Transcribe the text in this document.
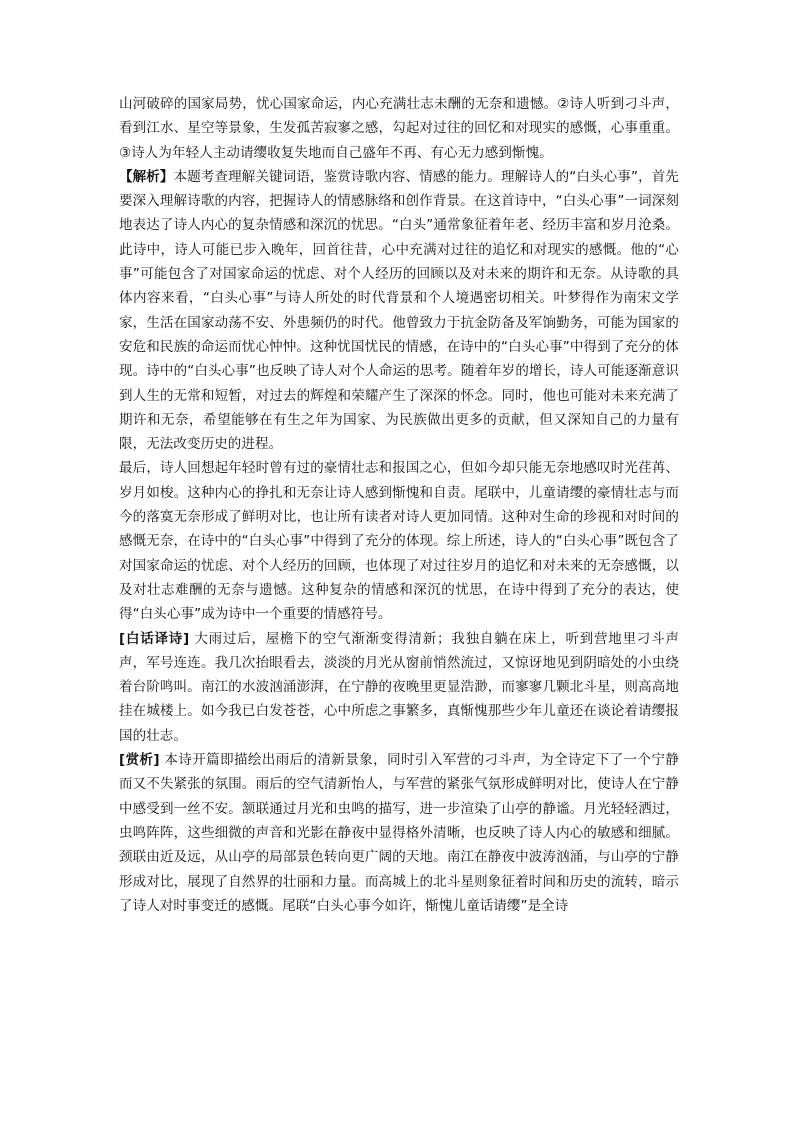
山河破碎的国家局势，忧心国家命运，内心充满壮志未酬的无奈和遗憾。②诗人听到刁斗声，看到江水、星空等景象，生发孤苦寂寥之感，勾起对过往的回忆和对现实的感慨，心事重重。③诗人为年轻人主动请缨收复失地而自己盛年不再、有心无力感到惭愧。

【解析】本题考查理解关键词语，鉴赏诗歌内容、情感的能力。理解诗人的“白头心事”，首先要深入理解诗歌的内容，把握诗人的情感脉络和创作背景。在这首诗中，“白头心事”一词深刻地表达了诗人内心的复杂情感和深沉的忧思。“白头”通常象征着年老、经历丰富和岁月沧桑。此诗中，诗人可能已步入晚年，回首往昔，心中充满对过往的追忆和对现实的感慨。他的“心事”可能包含了对国家命运的忧虑、对个人经历的回顾以及对未来的期许和无奈。从诗歌的具体内容来看，“白头心事”与诗人所处的时代背景和个人境遇密切相关。叶梦得作为南宋文学家，生活在国家动荡不安、外患频仍的时代。他曾致力于抗金防备及军饷勤务，可能为国家的安危和民族的命运而忧心忡忡。这种忧国忧民的情感，在诗中的“白头心事”中得到了充分的体现。诗中的“白头心事”也反映了诗人对个人命运的思考。随着年岁的增长，诗人可能逐渐意识到人生的无常和短暂，对过去的辉煌和荣耀产生了深深的怀念。同时，他也可能对未来充满了期许和无奈，希望能够在有生之年为国家、为民族做出更多的贡献，但又深知自己的力量有限，无法改变历史的进程。

最后，诗人回想起年轻时曾有过的豪情壮志和报国之心，但如今却只能无奈地感叹时光荏苒、岁月如梭。这种内心的挣扎和无奈让诗人感到惭愧和自责。尾联中，儿童请缨的豪情壮志与而今的落寞无奈形成了鲜明对比，也让所有读者对诗人更加同情。这种对生命的珍视和对时间的感慨无奈，在诗中的“白头心事”中得到了充分的体现。综上所述，诗人的“白头心事”既包含了对国家命运的忧虑、对个人经历的回顾，也体现了对过往岁月的追忆和对未来的无奈感慨，以及对壮志难酬的无奈与遗憾。这种复杂的情感和深沉的忧思，在诗中得到了充分的表达，使得“白头心事”成为诗中一个重要的情感符号。

[白话译诗] 大雨过后，屋檐下的空气渐渐变得清新；我独自躺在床上，听到营地里刁斗声声，军号连连。我几次抬眼看去，淡淡的月光从窗前悄然流过，又惊讶地见到阴暗处的小虫绕着台阶鸣叫。南江的水波汹涌澎湃，在宁静的夜晚里更显浩渺，而寥寥几颗北斗星，则高高地挂在城楼上。如今我已白发苍苍，心中所虑之事繁多，真惭愧那些少年儿童还在谈论着请缨报国的壮志。

[赏析] 本诗开篇即描绘出雨后的清新景象，同时引入军营的刁斗声，为全诗定下了一个宁静而又不失紧张的氛围。雨后的空气清新怡人，与军营的紧张气氛形成鲜明对比，使诗人在宁静中感受到一丝不安。颔联通过月光和虫鸣的描写，进一步渲染了山亭的静谧。月光轻轻洒过，虫鸣阵阵，这些细微的声音和光影在静夜中显得格外清晰，也反映了诗人内心的敏感和细腻。颈联由近及远，从山亭的局部景色转向更广阔的天地。南江在静夜中波涛汹涌，与山亭的宁静形成对比，展现了自然界的壮丽和力量。而高城上的北斗星则象征着时间和历史的流转，暗示了诗人对时事变迁的感慨。尾联“白头心事今如许，惭愧儿童话请缨”是全诗
